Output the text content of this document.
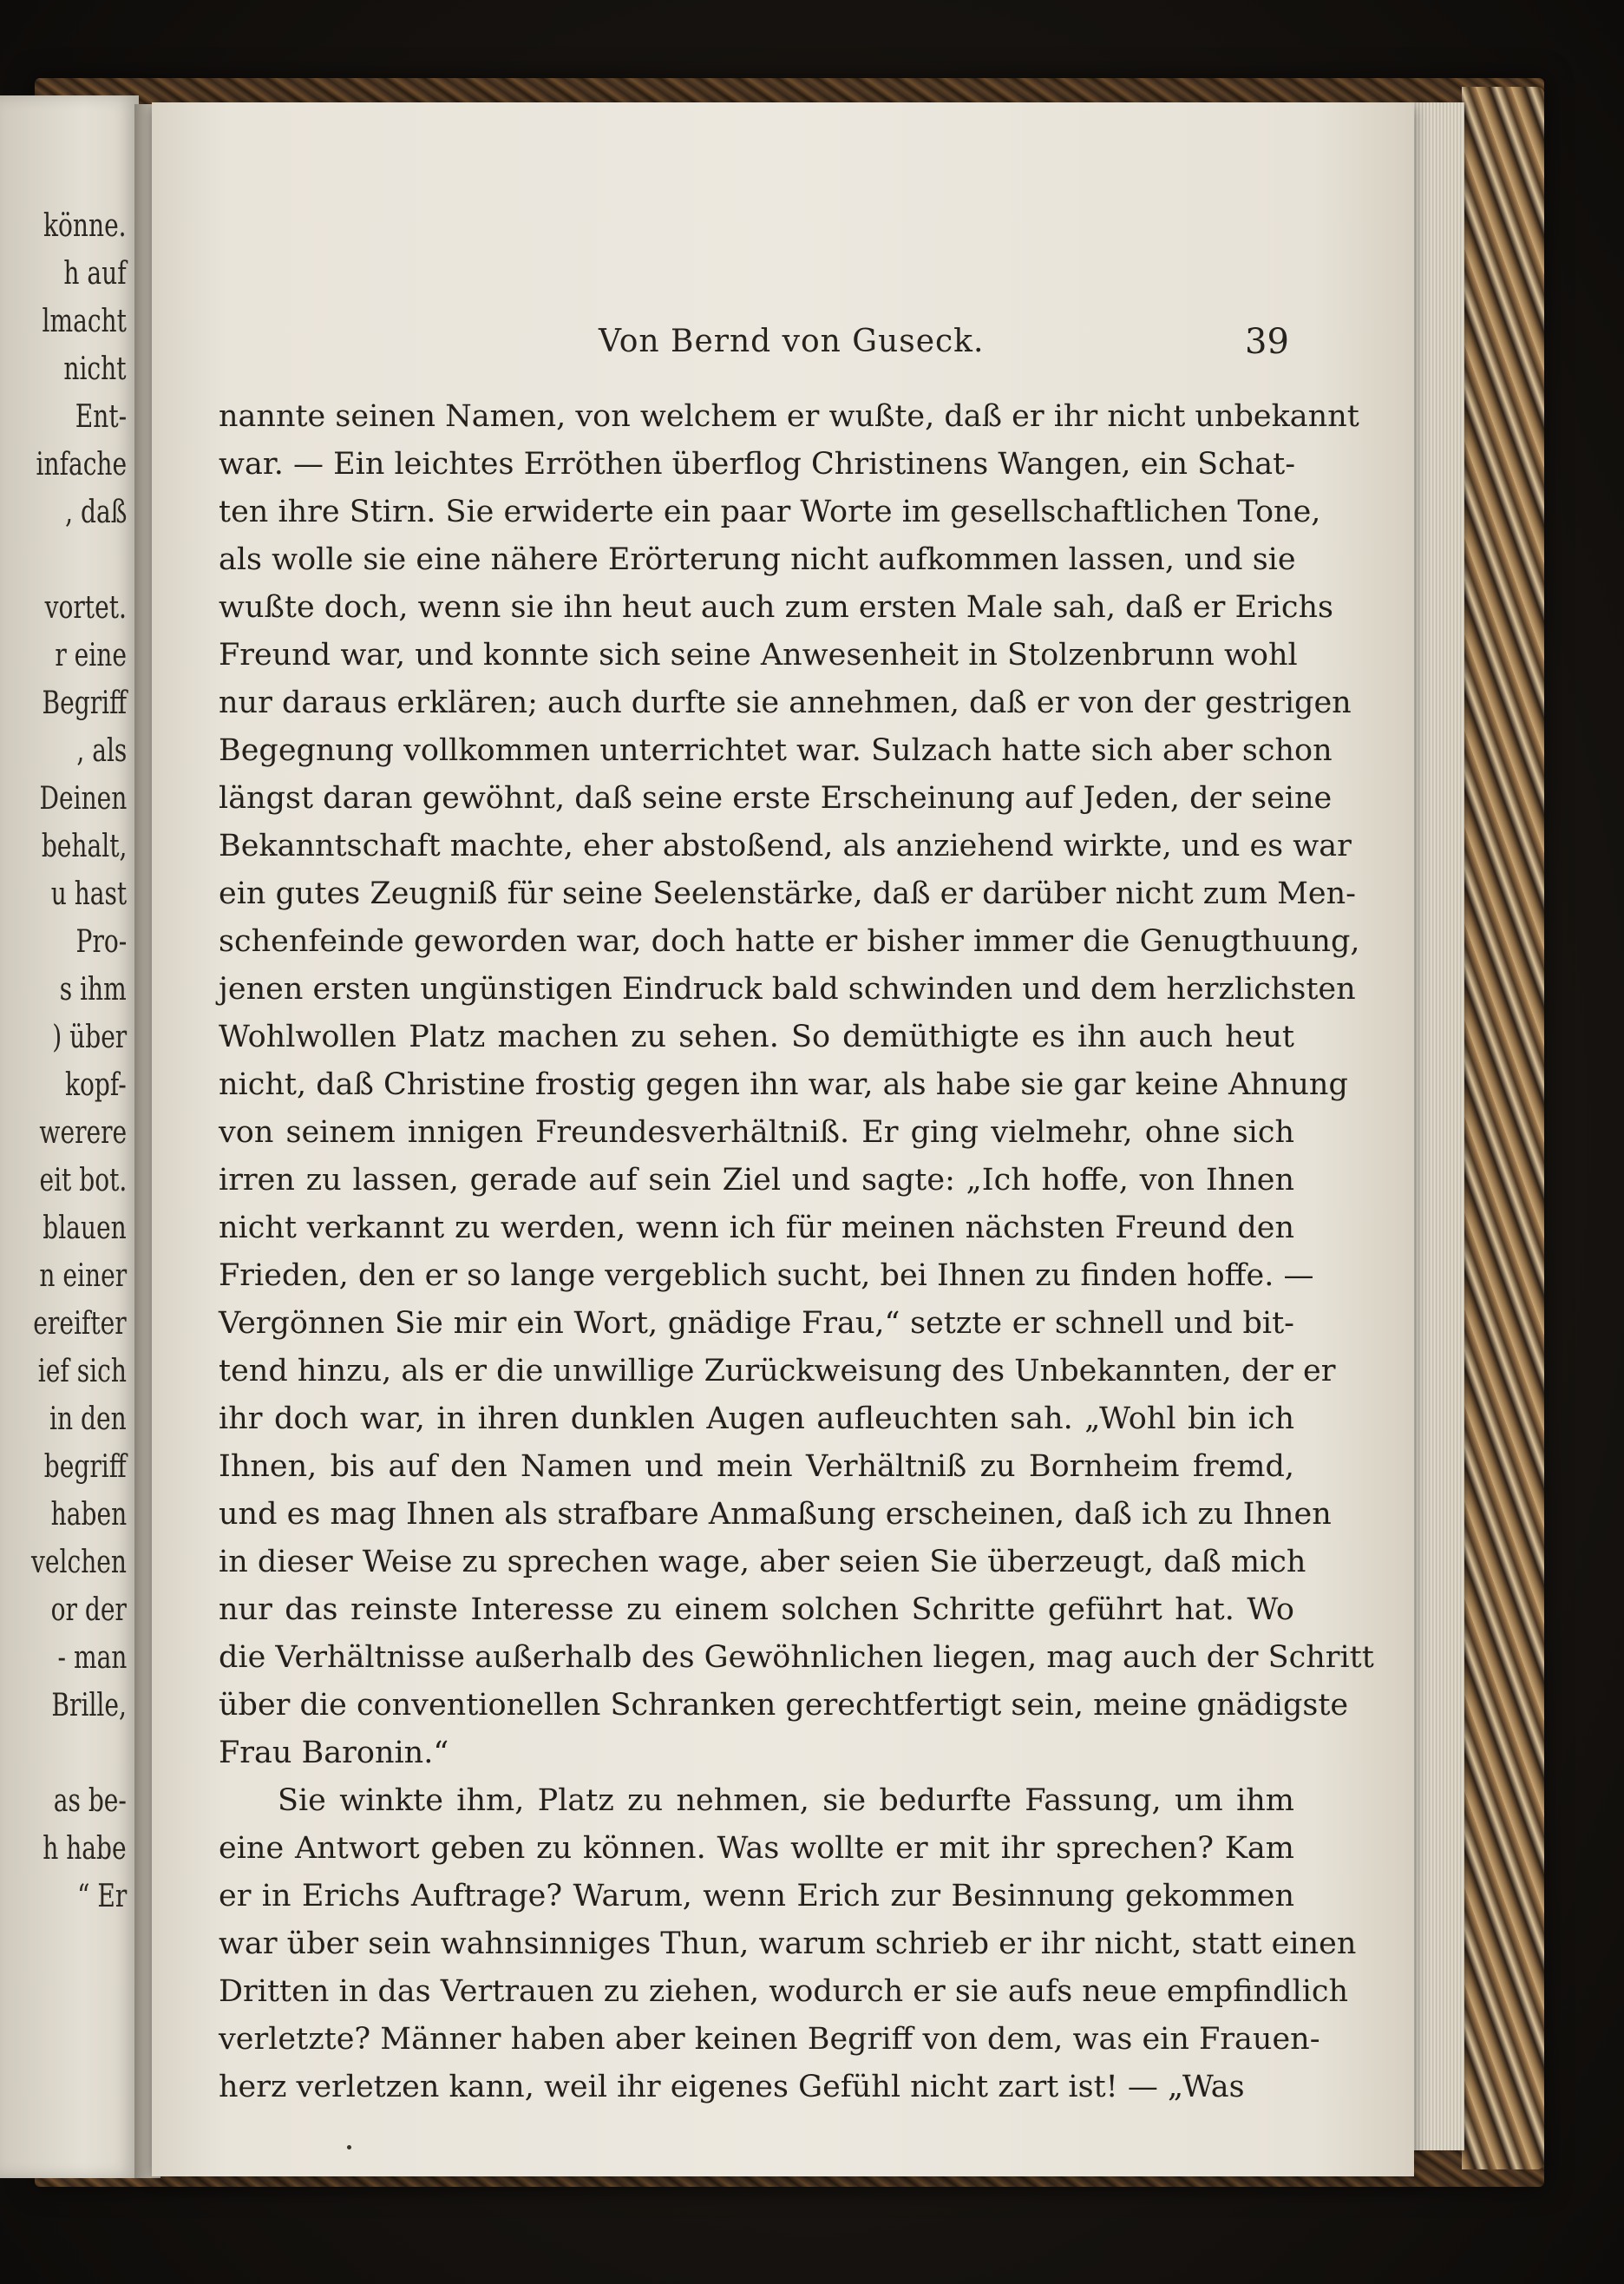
könne.
h auf
lmacht
nicht
Ent-
infache
, daß
vortet.
r eine
Begriff
, als
Deinen
behalt,
u hast
Pro-
s ihm
) über
kopf-
werere
eit bot.
blauen
n einer
ereifter
ief sich
in den
begriff
haben
velchen
or der
- man
Brille,
as be-
h habe
“ Er
Von Bernd von Guseck.	39
nannte seinen Namen, von welchem er wußte, daß er ihr nicht unbekannt
war. — Ein leichtes Erröthen überflog Christinens Wangen, ein Schat-
ten ihre Stirn. Sie erwiderte ein paar Worte im gesellschaftlichen Tone,
als wolle sie eine nähere Erörterung nicht aufkommen lassen, und sie
wußte doch, wenn sie ihn heut auch zum ersten Male sah, daß er Erichs
Freund war, und konnte sich seine Anwesenheit in Stolzenbrunn wohl
nur daraus erklären; auch durfte sie annehmen, daß er von der gestrigen
Begegnung vollkommen unterrichtet war. Sulzach hatte sich aber schon
längst daran gewöhnt, daß seine erste Erscheinung auf Jeden, der seine
Bekanntschaft machte, eher abstoßend, als anziehend wirkte, und es war
ein gutes Zeugniß für seine Seelenstärke, daß er darüber nicht zum Men-
schenfeinde geworden war, doch hatte er bisher immer die Genugthuung,
jenen ersten ungünstigen Eindruck bald schwinden und dem herzlichsten
Wohlwollen Platz machen zu sehen. So demüthigte es ihn auch heut
nicht, daß Christine frostig gegen ihn war, als habe sie gar keine Ahnung
von seinem innigen Freundesverhältniß. Er ging vielmehr, ohne sich
irren zu lassen, gerade auf sein Ziel und sagte: „Ich hoffe, von Ihnen
nicht verkannt zu werden, wenn ich für meinen nächsten Freund den
Frieden, den er so lange vergeblich sucht, bei Ihnen zu finden hoffe. —
Vergönnen Sie mir ein Wort, gnädige Frau,“ setzte er schnell und bit-
tend hinzu, als er die unwillige Zurückweisung des Unbekannten, der er
ihr doch war, in ihren dunklen Augen aufleuchten sah. „Wohl bin ich
Ihnen, bis auf den Namen und mein Verhältniß zu Bornheim fremd,
und es mag Ihnen als strafbare Anmaßung erscheinen, daß ich zu Ihnen
in dieser Weise zu sprechen wage, aber seien Sie überzeugt, daß mich
nur das reinste Interesse zu einem solchen Schritte geführt hat. Wo
die Verhältnisse außerhalb des Gewöhnlichen liegen, mag auch der Schritt
über die conventionellen Schranken gerechtfertigt sein, meine gnädigste
Frau Baronin.“
Sie winkte ihm, Platz zu nehmen, sie bedurfte Fassung, um ihm
eine Antwort geben zu können. Was wollte er mit ihr sprechen? Kam
er in Erichs Auftrage? Warum, wenn Erich zur Besinnung gekommen
war über sein wahnsinniges Thun, warum schrieb er ihr nicht, statt einen
Dritten in das Vertrauen zu ziehen, wodurch er sie aufs neue empfindlich
verletzte? Männer haben aber keinen Begriff von dem, was ein Frauen-
herz verletzen kann, weil ihr eigenes Gefühl nicht zart ist! — „Was
